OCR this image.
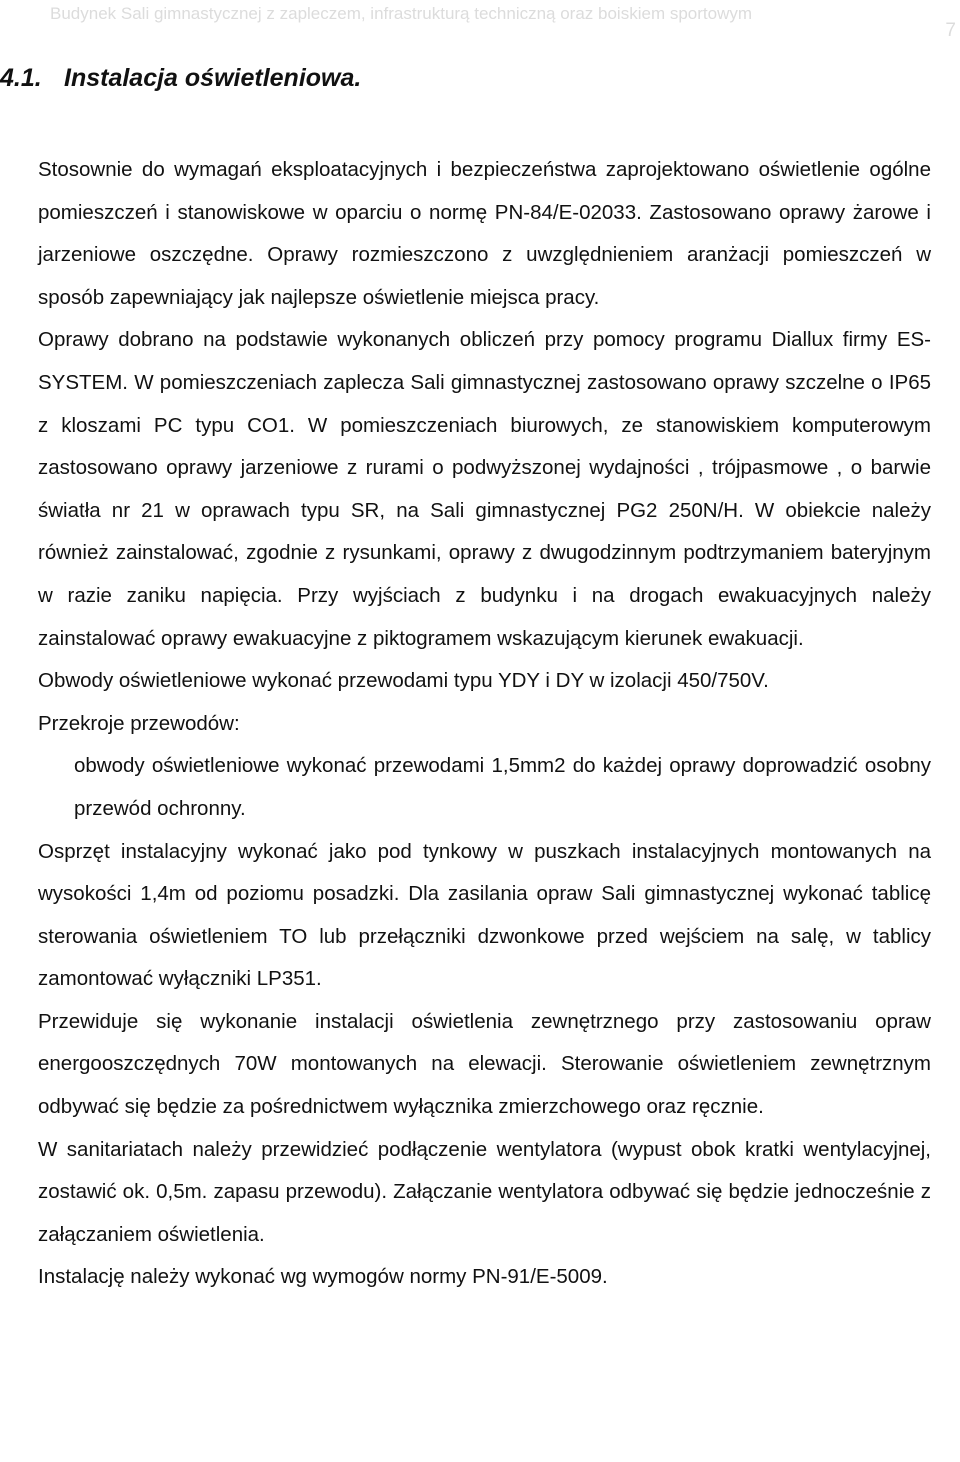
Budynek Sali gimnastycznej z zapleczem, infrastrukturą techniczną oraz boiskiem sportowym
7
4.1. Instalacja oświetleniowa.

Stosownie do wymagań eksploatacyjnych i bezpieczeństwa zaprojektowano oświetlenie ogólne pomieszczeń i stanowiskowe w oparciu o normę PN-84/E-02033. Zastosowano oprawy żarowe i jarzeniowe oszczędne. Oprawy rozmieszczono z uwzględnieniem aranżacji pomieszczeń w sposób zapewniający jak najlepsze oświetlenie miejsca pracy.

Oprawy dobrano na podstawie wykonanych obliczeń przy pomocy programu Diallux firmy ES-SYSTEM. W pomieszczeniach zaplecza Sali gimnastycznej zastosowano oprawy szczelne o IP65 z kloszami PC typu CO1. W pomieszczeniach biurowych, ze stanowiskiem komputerowym zastosowano oprawy jarzeniowe z rurami o podwyższonej wydajności , trójpasmowe , o barwie światła nr 21 w oprawach typu SR, na Sali gimnastycznej PG2 250N/H. W obiekcie należy również zainstalować, zgodnie z rysunkami, oprawy z dwugodzinnym podtrzymaniem bateryjnym w razie zaniku napięcia. Przy wyjściach z budynku i na drogach ewakuacyjnych należy zainstalować oprawy ewakuacyjne z piktogramem wskazującym kierunek ewakuacji.

Obwody oświetleniowe wykonać przewodami typu YDY i DY w izolacji 450/750V.

Przekroje przewodów:

obwody oświetleniowe wykonać przewodami 1,5mm2 do każdej oprawy doprowadzić osobny przewód ochronny.

Osprzęt instalacyjny wykonać jako pod tynkowy w puszkach instalacyjnych montowanych na wysokości 1,4m od poziomu posadzki. Dla zasilania opraw Sali gimnastycznej wykonać tablicę sterowania oświetleniem TO lub przełączniki dzwonkowe przed wejściem na salę, w tablicy zamontować wyłączniki LP351.

Przewiduje się wykonanie instalacji oświetlenia zewnętrznego przy zastosowaniu opraw energooszczędnych 70W montowanych na elewacji. Sterowanie oświetleniem zewnętrznym odbywać się będzie za pośrednictwem wyłącznika zmierzchowego oraz ręcznie.

W sanitariatach należy przewidzieć podłączenie wentylatora (wypust obok kratki wentylacyjnej, zostawić ok. 0,5m. zapasu przewodu). Załączanie wentylatora odbywać się będzie jednocześnie z załączaniem oświetlenia.

Instalację należy wykonać wg wymogów normy PN-91/E-5009.
